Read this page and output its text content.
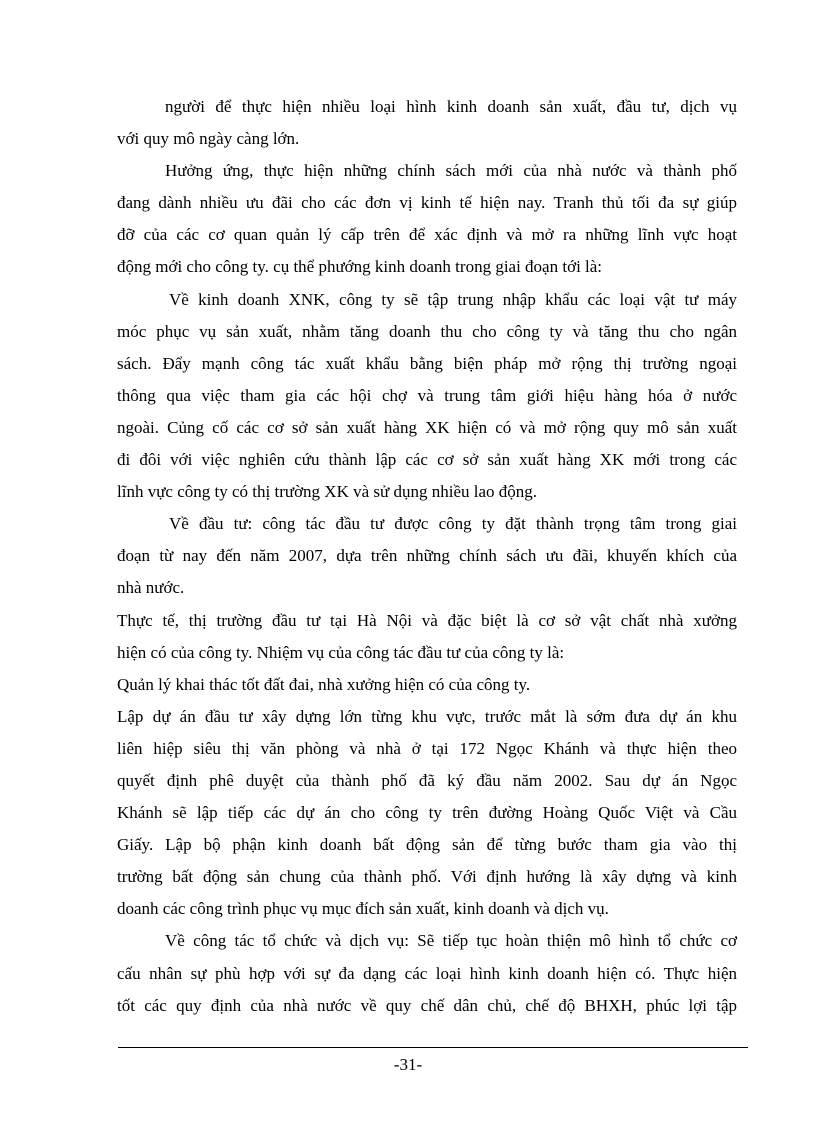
người để thực hiện nhiều loại hình kinh doanh sản xuất, đầu tư, dịch vụ
với quy mô ngày càng lớn.
Hưởng ứng, thực hiện những chính sách mới của nhà nước và thành phố
đang dành nhiều ưu đãi cho các đơn vị kinh tế hiện nay. Tranh thủ tối đa sự giúp
đỡ của các cơ quan quản lý cấp trên để xác định và mở ra những lĩnh vực hoạt
động mới cho công ty. cụ thể phướng kinh doanh trong giai đoạn tới là:
Về kinh doanh XNK, công ty sẽ tập trung nhập khẩu các loại vật tư máy
móc phục vụ sản xuất, nhằm tăng doanh thu cho công ty và tăng thu cho ngân
sách. Đẩy mạnh công tác xuất khẩu bằng biện pháp mở rộng thị trường ngoại
thông qua việc tham gia các hội chợ và trung tâm giới hiệu hàng hóa ở nước
ngoài. Củng cố các cơ sở sản xuất hàng XK hiện có và mở rộng quy mô sản xuất
đi đôi với việc nghiên cứu thành lập các cơ sở sản xuất hàng XK mới trong các
lĩnh vực công ty có thị trường XK và sử dụng nhiều lao động.
Về đầu tư: công tác đầu tư được công ty đặt thành trọng tâm trong giai
đoạn từ nay đến năm 2007, dựa trên những chính sách ưu đãi, khuyến khích của
nhà nước.
Thực tế, thị trường đầu tư tại Hà Nội và đặc biệt là cơ sở vật chất nhà xưởng
hiện có của công ty. Nhiệm vụ của công tác đầu tư của công ty là:
Quản lý khai thác tốt đất đai, nhà xưởng hiện có của công ty.
Lập dự án đầu tư xây dựng lớn từng khu vực, trước mắt là sớm đưa dự án khu
liên hiệp siêu thị văn phòng và nhà ở tại 172 Ngọc Khánh và thực hiện theo
quyết định phê duyệt của thành phố đã ký đầu năm 2002. Sau dự án Ngọc
Khánh sẽ lập tiếp các dự án cho công ty trên đường Hoàng Quốc Việt và Cầu
Giấy. Lập bộ phận kinh doanh bất động sản để từng bước tham gia vào thị
trường bất động sản chung của thành phố. Với định hướng là xây dựng và kinh
doanh các công trình phục vụ mục đích sản xuất, kinh doanh và dịch vụ.
Về công tác tổ chức và dịch vụ: Sẽ tiếp tục hoàn thiện mô hình tổ chức cơ
cấu nhân sự phù hợp với sự đa dạng các loại hình kinh doanh hiện có. Thực hiện
tốt các quy định của nhà nước về quy chế dân chủ, chế độ BHXH, phúc lợi tập
-31-
